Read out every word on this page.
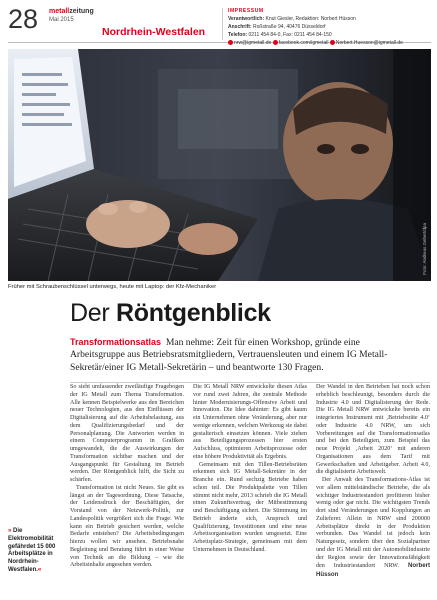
28 metallzeitung
Mai 2015
Nordrhein-Westfalen
IMPRESSUM
Verantwortlich: Knut Giesler, Redaktion: Norbert Hüsson
Anschrift: Roßstraße 94, 40476 Düsseldorf
Telefon: 0211 454 84-0, Fax: 0211 454 84-150
nrw@igmetall.de facebook.com/igmetall Norbert.Huesson@igmetall.de
Foto: Andreas Gebert/dpa
Früher mit Schraubenschlüssel unterwegs, heute mit Laptop: der Kfz-Mechaniker
Der Röntgenblick
Transformationsatlas Man nehme: Zeit für einen Workshop, gründe eine Arbeitsgruppe aus Betriebsratsmitgliedern, Vertrauensleuten und einem IG Metall-Sekretär/einer IG Metall-Sekretärin – und beantworte 130 Fragen.

So sieht umfassender zweiläufige Fragebogen der IG Metall zum Thema Transformation. Alle kennen Beispielwerke aus den Bereichen neuer Technologien, aus den Einflüssen der Digitalisierung auf die Arbeitsbelastung, aus dem Qualifizierungsbedarf und der Personalplanung. Die Antworten werden in einem Computerprogramm in Grafiken umgewandelt, die die Auswirkungen der Transformation sichtbar machen und der Ausgangspunkt für Gestaltung im Betrieb werden. Der Röntgenblick hilft, die Sicht zu schärfen.

Transformation ist nicht Neues. Sie gibt es längst an der Tagesordnung. Diese Tatsache, der Leidensdruck der Beschäftigten, der Vorstand von der Netzwerk-Politik, zur Landespolitik vergrößert sich die Frage: Wie kann ein Betrieb gesichert werden, welche Bedarfe entstehen? Die Arbeitsbedingungen hierzu wollen wir ansehen. Betriebsnahe Begleitung und Beratung führt in einer Weise von Technik an die Bildung – wie die Arbeitsinhalte angesehen werden.

Die IG Metall NRW entwickelte diesen Atlas vor rund zwei Jahren, die zentrale Methode hinter Modernisierungs-Offensive Arbeit und Innovation. Die Idee dahinter: Es gibt kaum ein Unternehmen ohne Veränderung, aber nur wenige erkennen, welchen Werkzeug sie dabei gestalterisch einsetzen können. Viele ziehen aus Beteiligungsprozessen hier ersten Aufschluss, optimieren Arbeitsprozesse oder eine höhere Produktivität als Ergebnis.

Gemeinsam mit den Tillen-Betriebsräten erkennen sich IG Metall-Sekretäre in der Branche ein. Rund sechzig Betriebe haben schon teil. Die Produktpalette von Tillen stimmt nicht mehr, 2013 schrieb die IG Metall einen Zukunftsvertrag, der Mitbestimmung und Beschäftigung sichert. Die Stimmung im Betrieb änderte sich, Anspruch und Qualifizierung, Investitionen und eine neue Arbeitsorganisation wurden umgesetzt. Eine Arbeitsplatz-Strategie, gemeinsam mit dem Unternehmen in Deutschland.

Der Wandel in den Betrieben hat noch schon erheblich beschleunigt, besonders durch die Industrie 4.0 und Digitalisierung der Rede. Die IG Metall NRW entwickelte bereits ein integriertes Instrument mit ‚Betriebsräte 4.0‘ oder Industrie 4.0 NRW, um sich Vorbereitungen auf die Transformationsatlas und bei den Beteiligten, zum Beispiel das neue Projekt ‚Arbeit 2020‘ mit anderen Organisationen aus dem Tarif mit Gewerkschaften und Arbeitgeber. Arbeit 4.0, die digitalisierte Arbeitswelt.

Der Anwalt des Transformations-Atlas ist vor allem mittelständische Betriebe, die als wichtiger Industriestandort profitieren bisher wenig oder gar nicht. Die wichtigsten Trends dort sind Veränderungen und Kopplungen an Zulieferer. Allein in NRW sind 200000 Arbeitsplätze direkt in der Produktion verbunden. Das Wandel ist jedoch kein Naturgesetz, sondern über den Sozialpartner und der IG Metall mit der Automobilindustrie der Region sowie der Innovationsfähigkeit den Industriestandort NRW. Norbert Hüsson

» Die Elektromobilität gefährdet 15 000 Arbeitsplätze in Nordrhein-Westfalen.«
